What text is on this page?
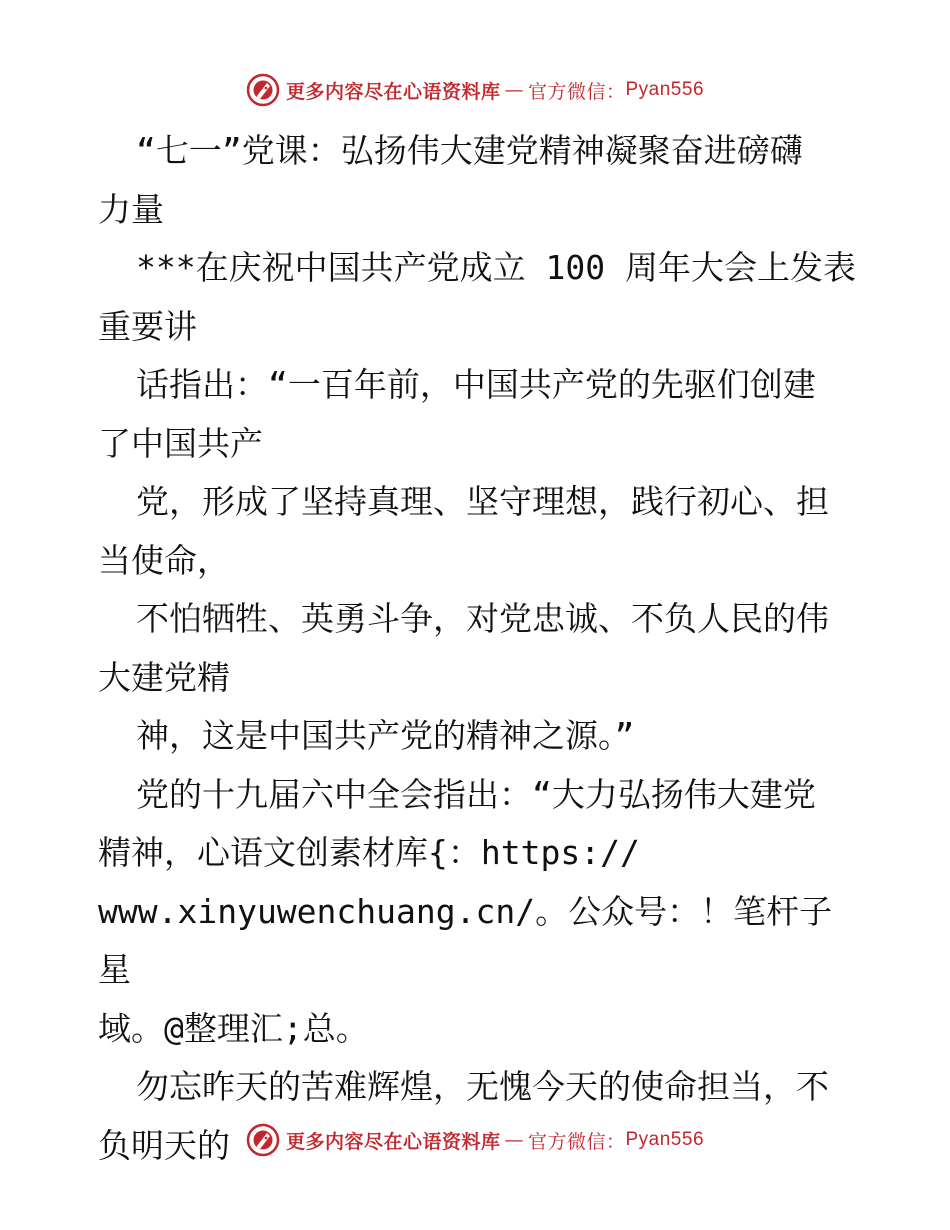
更多内容尽在心语资料库 — 官方微信： Pyan556

“七一”党课：弘扬伟大建党精神凝聚奋进磅礴

力量

***在庆祝中国共产党成立 100 周年大会上发表

重要讲

话指出：“一百年前，中国共产党的先驱们创建

了中国共产

党，形成了坚持真理、坚守理想，践行初心、担

当使命，

不怕牺牲、英勇斗争，对党忠诚、不负人民的伟

大建党精

神，这是中国共产党的精神之源。”

党的十九届六中全会指出：“大力弘扬伟大建党

精神，心语文创素材库{：https://

www.xinyuwenchuang.cn/。公众号：！笔杆子星

域。@整理汇;总。

勿忘昨天的苦难辉煌，无愧今天的使命担当，不

负明天的	更多内容尽在心语资料库 — 官方微信： Pyan556
